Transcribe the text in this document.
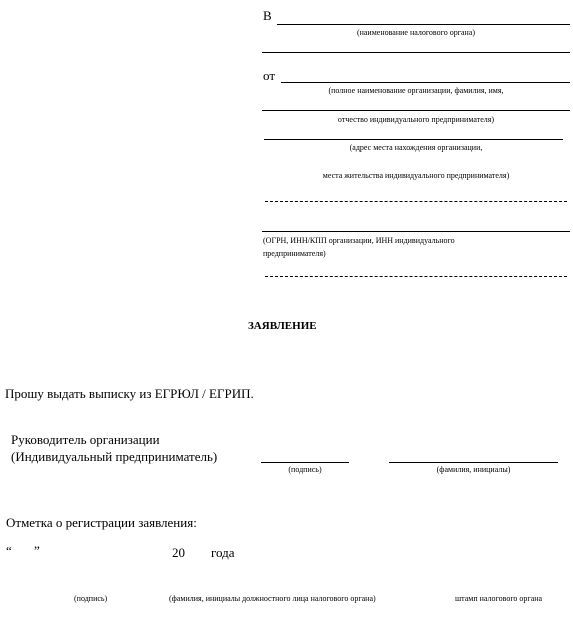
В
(наименование налогового органа)
от
(полное наименование организации, фамилия, имя,
отчество индивидуального предпринимателя)
(адрес места нахождения организации,
места жительства индивидуального предпринимателя)
(ОГРН, ИНН/КПП организации, ИНН индивидуального
предпринимателя)
ЗАЯВЛЕНИЕ
Прошу выдать выписку из ЕГРЮЛ / ЕГРИП.
Руководитель организации
(Индивидуальный предприниматель)
(подпись)	(фамилия, инициалы)
Отметка о регистрации заявления:
“ ”	20 года
(подпись)	(фамилия, инициалы должностного лица налогового органа)	штамп налогового органа
